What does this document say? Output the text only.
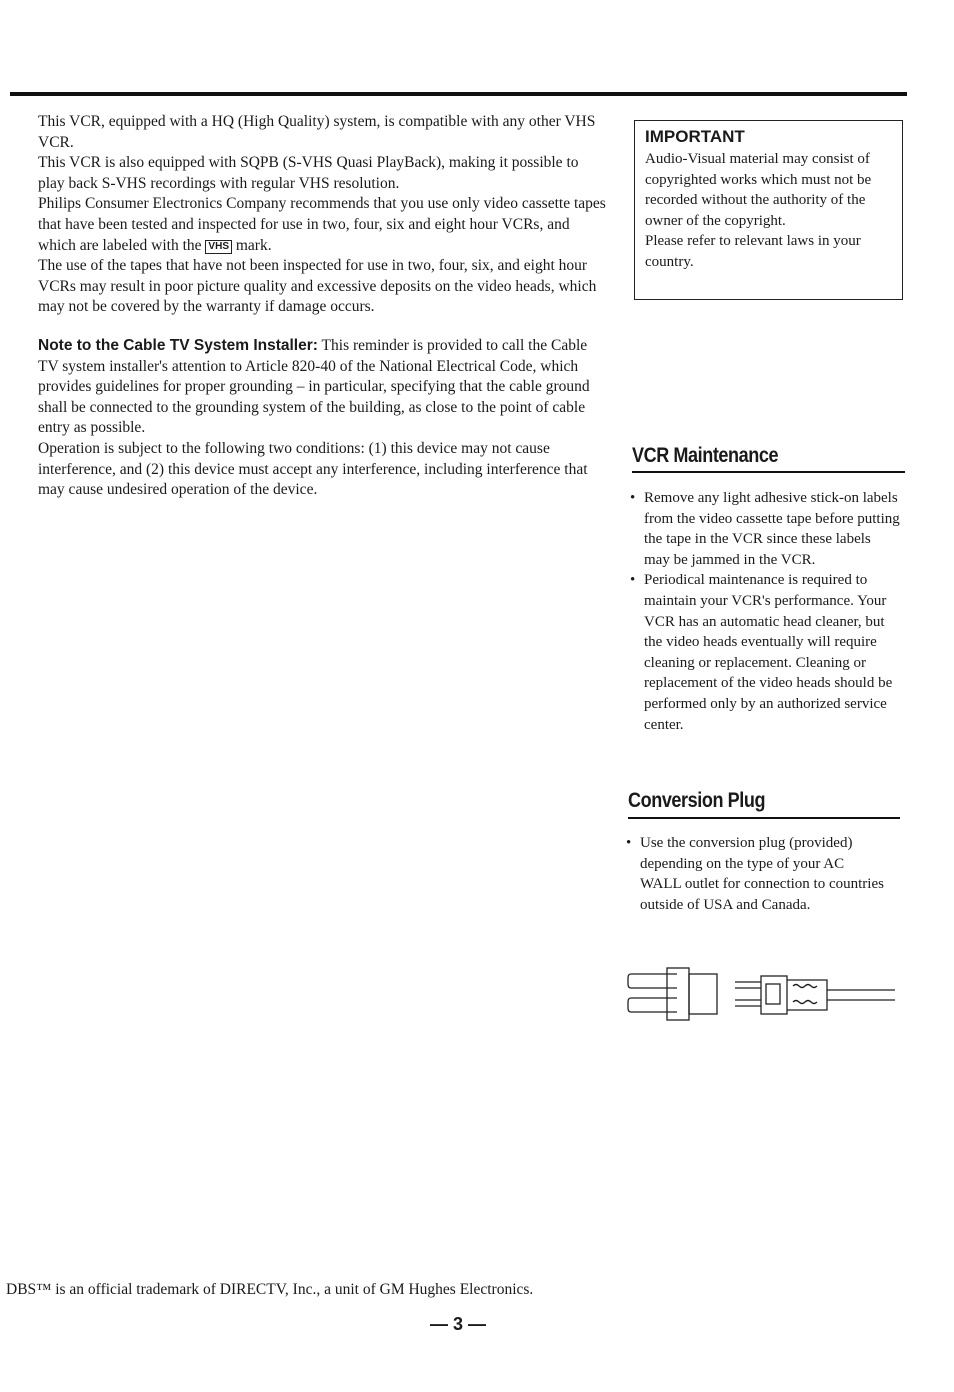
This VCR, equipped with a HQ (High Quality) system, is compatible with any other VHS VCR.

This VCR is also equipped with SQPB (S-VHS Quasi PlayBack), making it possible to play back S-VHS recordings with regular VHS resolution.

Philips Consumer Electronics Company recommends that you use only video cassette tapes that have been tested and inspected for use in two, four, six and eight hour VCRs, and which are labeled with the VHS mark.

The use of the tapes that have not been inspected for use in two, four, six, and eight hour VCRs may result in poor picture quality and excessive deposits on the video heads, which may not be covered by the warranty if damage occurs.

Note to the Cable TV System Installer: This reminder is provided to call the Cable TV system installer's attention to Article 820-40 of the National Electrical Code, which provides guidelines for proper grounding – in particular, specifying that the cable ground shall be connected to the grounding system of the building, as close to the point of cable entry as possible.

Operation is subject to the following two conditions: (1) this device may not cause interference, and (2) this device must accept any interference, including interference that may cause undesired operation of the device.

IMPORTANT

Audio-Visual material may consist of copyrighted works which must not be recorded without the authority of the owner of the copyright.

Please refer to relevant laws in your country.

VCR Maintenance
• Remove any light adhesive stick-on labels from the video cassette tape before putting the tape in the VCR since these labels may be jammed in the VCR.
• Periodical maintenance is required to maintain your VCR's performance. Your VCR has an automatic head cleaner, but the video heads eventually will require cleaning or replacement. Cleaning or replacement of the video heads should be performed only by an authorized service center.
Conversion Plug
• Use the conversion plug (provided) depending on the type of your AC WALL outlet for connection to countries outside of USA and Canada.
DBS™ is an official trademark of DIRECTV, Inc., a unit of GM Hughes Electronics.
— 3 —
